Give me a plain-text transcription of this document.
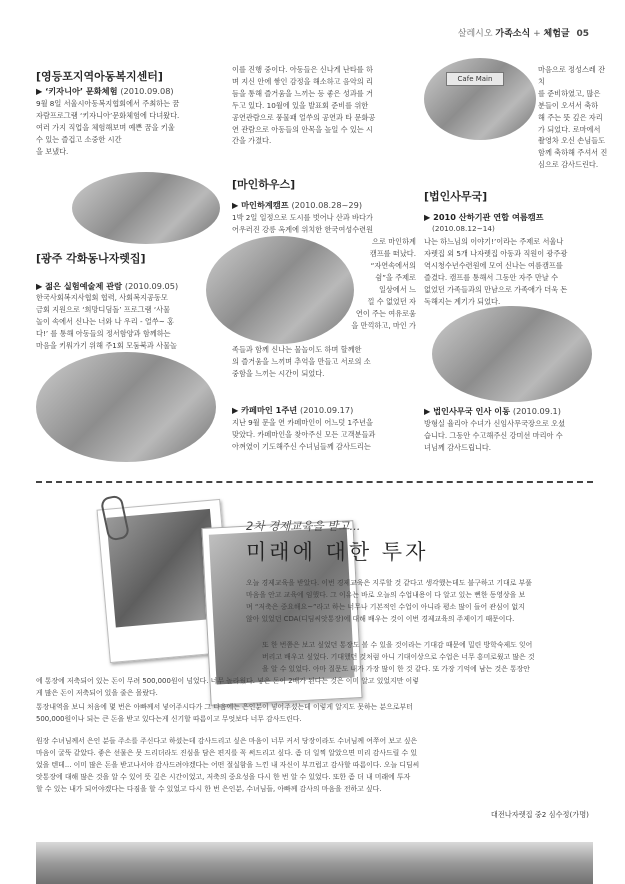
살레시오 가족소식 + 체험글 05
[영등포지역아동복지센터]
▶ ‘키자니아’ 문화체험 (2010.09.08)

9월 8일 서울시아동복지협회에서 주최하는 꿈

자람프로그램 ‘키자니아’문화체험에 다녀왔다.

여러 가지 직업을 체험해보며 예쁜 꿈을 키울

수 있는 즐겁고 소중한 시간

을 보냈다.

[광주 각화동나자렛집]
▶ 젊은 실험예술제 관람 (2010.09.05)

한국사회복지사협회 협력, 사회복지공동모

금회 지원으로 ‘희망디딤돌’ 프로그램 ‘사물

놀이 속에서 신나는 너와 나 우리 - 얼쑤~ 홍

다!’ 를 통해 아동들의 정서함양과 함께하는

마음을 키워가기 위해 주1회 모둠북과 사물놀

이를 진행 중이다. 아동들은 신나게 난타를 하

며 지신 안에 쌓인 감정을 해소하고 음악의 리

듬을 통해 즐거움을 느끼는 등 좋은 성과를 거

두고 있다. 10월에 있을 발표회 준비를 위한

공연관람으로 풍물패 얼쑤의 공연과 타 문화공

연 관람으로 아동들의 안목을 높일 수 있는 시

간을 가졌다.

[마인하우스]
▶ 마인하계캠프 (2010.08.28~29)

1박 2일 일정으로 도시를 벗어나 산과 바다가

어우러진 강릉 옥계에 위치한 한국여성수련원

으로 마인하계

캠프를 떠났다.

“자연속에서의

쉼”을 주제로

일상에서 느

낄 수 없었던 자

연이 주는 여유로움

을 만끽하고, 마인 가

족들과 함께 신나는 물놀이도 하며 할께한

의 즐거움을 느끼며 추억을 만들고 서로의 소

중함을 느끼는 시간이 되었다.

▶ 카페마인 1주년 (2010.09.17)

지난 9월 문을 연 카페마인이 어느덧 1주년을

맞았다. 카페마인을 찾아주신 모든 고객분들과

아껴였이 기도해주신 수녀님들께 감사드리는

Cafe Main

마음으로 정성스레 잔치

를 준비하였고, 많은

분들이 오셔서 축하

해 주는 뜻 깊은 자리

가 되었다. 로마에서

촬영차 오신 손님들도

함께 축하해 주셔서 진

심으로 감사드린다.

[법인사무국]
▶ 2010 산하기관 연합 여름캠프
(2010.08.12~14)

나는 하느님의 이야기!’이라는 주제로 서울나

자렛집 외 5개 나자렛집 아동과 직원이 광주광

역시청수년수련원에 모여 신나는 여름캠프를

즐겼다. 캠프를 통해서 그동안 자주 만날 수

없었던 가족들과의 만남으로 가족애가 더욱 돈

독해지는 계기가 되었다.

▶ 법인사무국 인사 이동 (2010.09.1)

방형실 율리아 수녀가 신임사무국장으로 오셨

습니다. 그동안 수고해주신 강미선 마리아 수

녀님께 감사드립니다.

2차 경제교육을 받고...
미래에 대한 투자

오늘 경제교육을 받았다. 이번 경제교육은 지루할 것 같다고 생각했는데도 불구하고 기대로 부풀

마음을 안고 교육에 임했다. 그 이유는 바로 오늘의 수업내용이 다 알고 있는 뻔한 동영상을 보

며 “저축은 중요해요~”라고 하는 너무나 기본적인 수업이 아니라 평소 많이 들어 관심이 없지

않아 있었던 CDA(디딤씨앗통장)에 대해 배우는 것이 이번 경제교육의 주제이기 때문이다.

또 한 번쯤은 보고 싶었던 통장도 볼 수 있을 것이라는 기대감 때문에 밀린 방학숙제도 잊어

버리고 배우고 싶었다. 기대했던 것처럼 아니 기대이상으로 수업은 너무 흥미로웠고 많은 것

을 알 수 있었다. 아마 질문도 내가 가장 많이 한 것 같다. 또 가장 기억에 남는 것은 통장안

에 통장에 저축되어 있는 돈이 무려 500,000원이 넘었다. 너무 놀라웠다. 넣은 돈이 2배가 된다는 것은 이미 알고 있었지만 이렇

게 많은 돈이 저축되어 있을 줄은 몰랐다.

통장내역을 보니 처음에 몇 번은 아빠께서 넣어주시다가 그 다음에는 은인분이 넣어주셨는데 이렇게 알지도 못하는 분으로부터

500,000원이나 되는 큰 돈을 받고 있다는게 신기할 따름이고 무엇보다 너무 감사드린다.

원장 수녀님께서 은인 분들 주소를 주신다고 하셨는데 감사드리고 싶은 마음이 너무 커서 당장이라도 수녀님께 여쭈어 보고 싶은

마음이 굴뚝 같았다. 좋은 선물은 못 드리더라도 진심을 담은 편지를 꼭 써드리고 싶다. 좀 더 일찍 알았으면 미리 감사드릴 수 있

었을 텐데... 이미 많은 돈을 받고나서야 감사드려야겠다는 어떤 절실함을 느낀 내 자신이 부끄럽고 감사할 따름이다. 오늘 디딤씨

앗통장에 대해 많은 것을 알 수 있어 뜻 깊은 시간이었고, 저축의 중요성을 다시 한 번 알 수 있었다. 또한 좀 더 내 미래에 투자

할 수 있는 내가 되어야겠다는 다짐을 할 수 있었고 다시 한 번 은인분, 수녀님들, 아빠께 감사의 마음을 전하고 싶다.

대전나자렛집 중2 심수정(가명)
